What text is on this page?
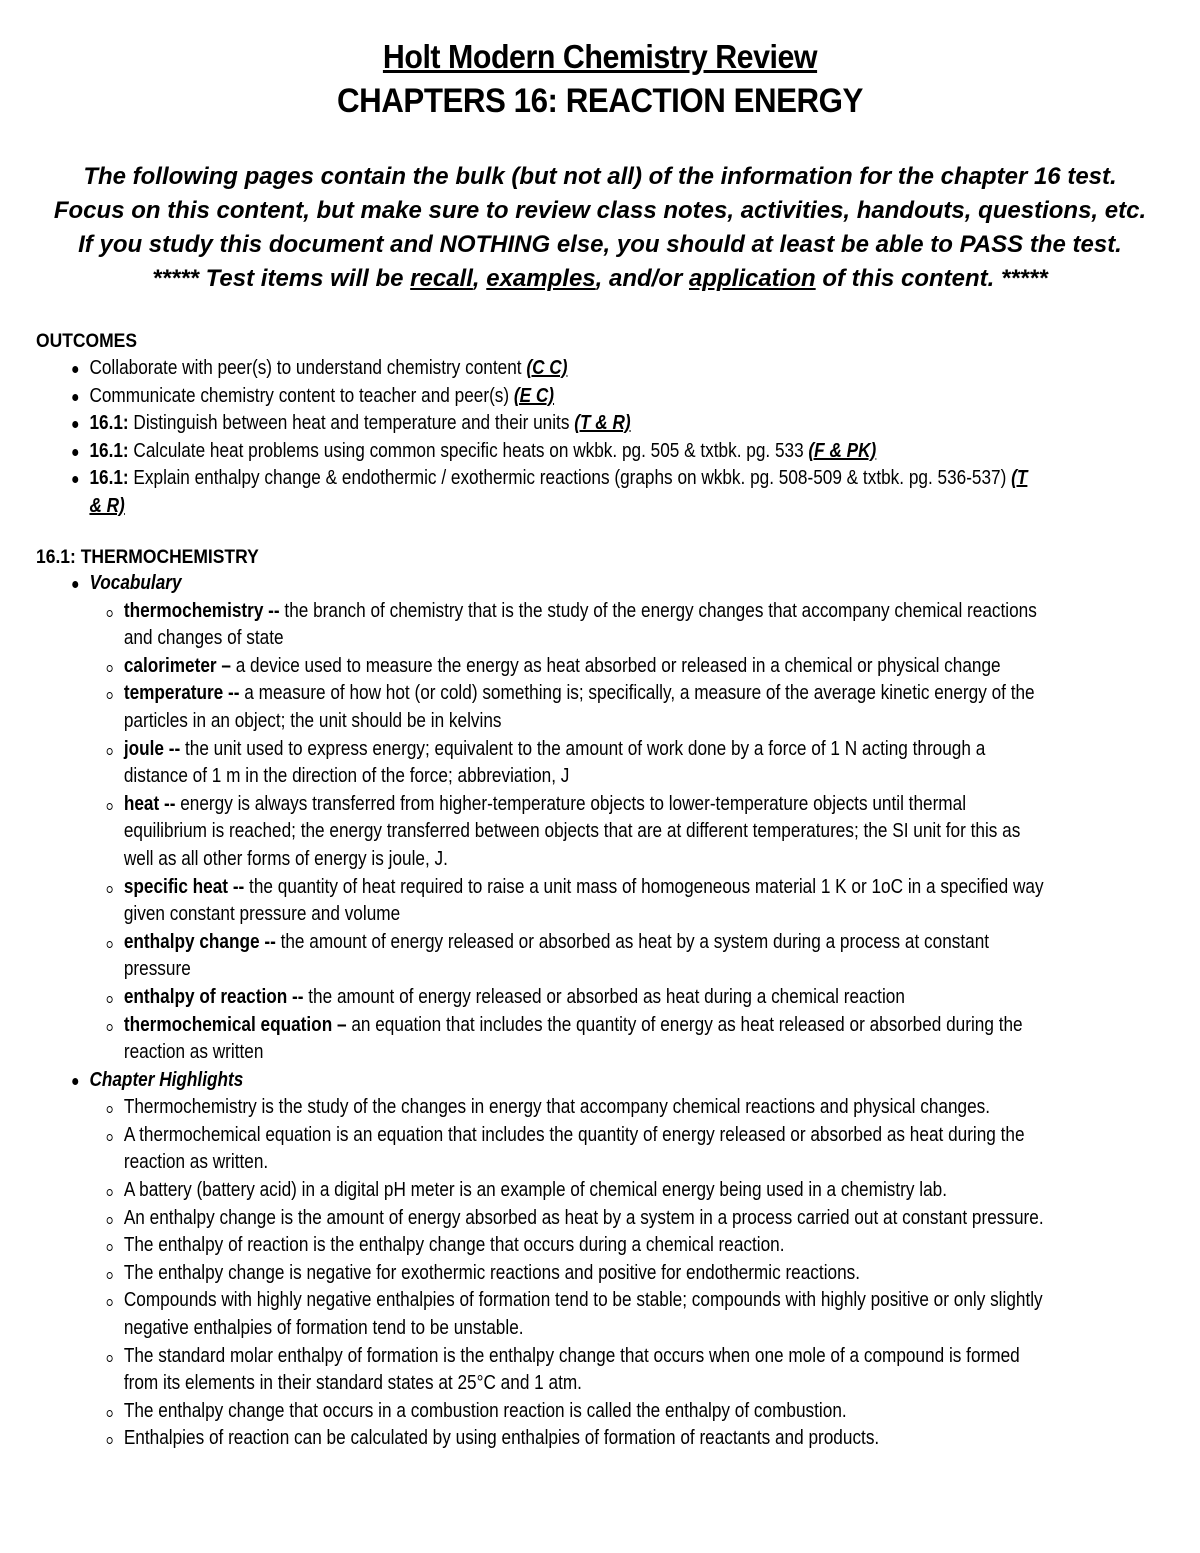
Holt Modern Chemistry Review
CHAPTERS 16: REACTION ENERGY
The following pages contain the bulk (but not all) of the information for the chapter 16 test.
Focus on this content, but make sure to review class notes, activities, handouts, questions, etc.
If you study this document and NOTHING else, you should at least be able to PASS the test.
***** Test items will be recall, examples, and/or application of this content. *****
OUTCOMES
Collaborate with peer(s) to understand chemistry content (C C)
Communicate chemistry content to teacher and peer(s) (E C)
16.1: Distinguish between heat and temperature and their units (T & R)
16.1: Calculate heat problems using common specific heats on wkbk. pg. 505 & txtbk. pg. 533 (F & PK)
16.1: Explain enthalpy change & endothermic / exothermic reactions (graphs on wkbk. pg. 508-509 & txtbk. pg. 536-537) (T
& R)
16.1: THERMOCHEMISTRY
Vocabulary
thermochemistry -- the branch of chemistry that is the study of the energy changes that accompany chemical reactions
and changes of state
calorimeter – a device used to measure the energy as heat absorbed or released in a chemical or physical change
temperature -- a measure of how hot (or cold) something is; specifically, a measure of the average kinetic energy of the
particles in an object; the unit should be in kelvins
joule -- the unit used to express energy; equivalent to the amount of work done by a force of 1 N acting through a
distance of 1 m in the direction of the force; abbreviation, J
heat -- energy is always transferred from higher-temperature objects to lower-temperature objects until thermal
equilibrium is reached; the energy transferred between objects that are at different temperatures; the SI unit for this as
well as all other forms of energy is joule, J.
specific heat -- the quantity of heat required to raise a unit mass of homogeneous material 1 K or 1oC in a specified way
given constant pressure and volume
enthalpy change -- the amount of energy released or absorbed as heat by a system during a process at constant
pressure
enthalpy of reaction -- the amount of energy released or absorbed as heat during a chemical reaction
thermochemical equation – an equation that includes the quantity of energy as heat released or absorbed during the
reaction as written
Chapter Highlights
Thermochemistry is the study of the changes in energy that accompany chemical reactions and physical changes.
A thermochemical equation is an equation that includes the quantity of energy released or absorbed as heat during the
reaction as written.
A battery (battery acid) in a digital pH meter is an example of chemical energy being used in a chemistry lab.
An enthalpy change is the amount of energy absorbed as heat by a system in a process carried out at constant pressure.
The enthalpy of reaction is the enthalpy change that occurs during a chemical reaction.
The enthalpy change is negative for exothermic reactions and positive for endothermic reactions.
Compounds with highly negative enthalpies of formation tend to be stable; compounds with highly positive or only slightly
negative enthalpies of formation tend to be unstable.
The standard molar enthalpy of formation is the enthalpy change that occurs when one mole of a compound is formed
from its elements in their standard states at 25°C and 1 atm.
The enthalpy change that occurs in a combustion reaction is called the enthalpy of combustion.
Enthalpies of reaction can be calculated by using enthalpies of formation of reactants and products.
